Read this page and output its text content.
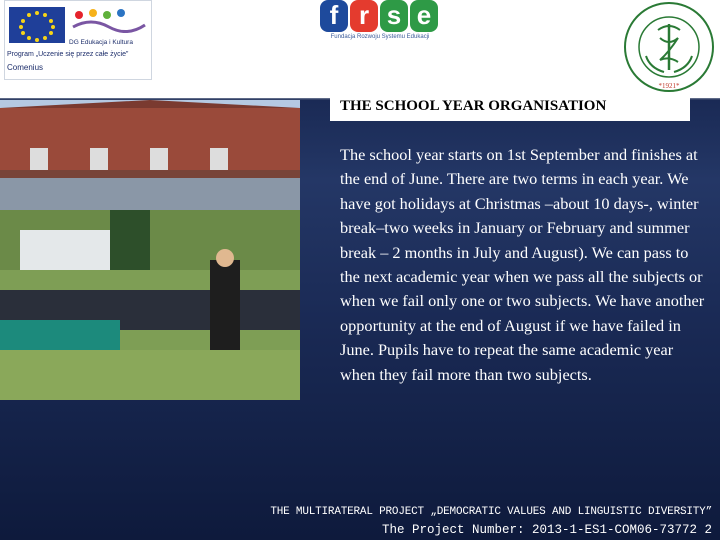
DG Edukacja i Kultura
Program „Uczenie się przez całe życie”
Comenius
f r s e
Fundacja Rozwoju Systemu Edukacji
*1921*
THE SCHOOL YEAR ORGANISATION
The school year starts on 1st September and finishes at the end of June. There are two terms in each year. We have got holidays at Christmas –about 10 days-, winter break–two weeks in January or February and summer break – 2 months in July and August). We can pass to the next academic year when we pass all the subjects or when we fail only one or two subjects. We have another opportunity at the end of August if we have failed in June. Pupils have to repeat the same academic year when they fail more than two subjects.
THE MULTIRATERAL PROJECT „DEMOCRATIC VALUES AND LINGUISTIC DIVERSITY”
The Project Number: 2013-1-ES1-COM06-73772 2
